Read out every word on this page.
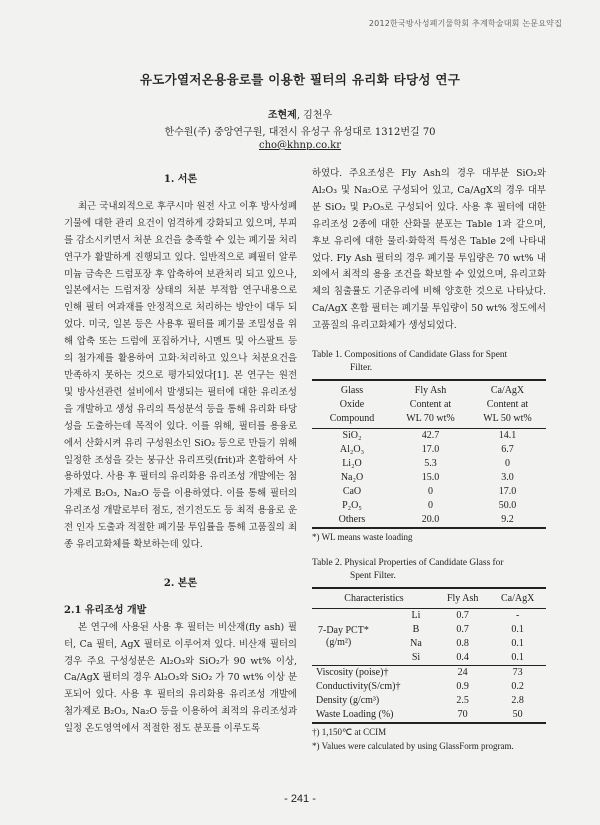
2012한국방사성폐기물학회 추계학술대회 논문요약집
유도가열저온용융로를 이용한 필터의 유리화 타당성 연구
조현제, 김천우
한수원(주) 중앙연구원, 대전시 유성구 유성대로 1312번길 70
cho@khnp.co.kr
1. 서론

최근 국내외적으로 후쿠시마 원전 사고 이후 방사성폐기물에 대한 관리 요건이 엄격하게 강화되고 있으며, 부피를 감소시키면서 처분 요건을 충족할 수 있는 폐기물 처리 연구가 활발하게 진행되고 있다. 일반적으로 폐필터 알루미늄 금속은 드럼포장 후 압축하여 보관처리 되고 있으나, 일본에서는 드럼저장 상태의 처분 부적합 연구내용으로 인해 필터 여과재를 안정적으로 처리하는 방안이 대두 되었다. 미국, 일본 등은 사용후 필터를 폐기물 조밀성을 위해 압축 또는 드럼에 포집하거나, 시멘트 및 아스팔트 등의 첨가제를 활용하여 고화·처리하고 있으나 처분요건을 만족하지 못하는 것으로 평가되었다[1]. 본 연구는 원전 및 방사선관련 설비에서 발생되는 필터에 대한 유리조성을 개발하고 생성 유리의 특성분석 등을 통해 유리화 타당성을 도출하는데 목적이 있다. 이를 위해, 필터를 용융로에서 산화시켜 유리 구성원소인 SiO₂ 등으로 만들기 위해 일정한 조성을 갖는 붕규산 유리프릿(frit)과 혼합하여 사용하였다. 사용 후 필터의 유리화용 유리조성 개발에는 첨가제로 B₂O₃, Na₂O 등을 이용하였다. 이를 통해 필터의 유리조성 개발로부터 점도, 전기전도도 등 최적 용융로 운전 인자 도출과 적절한 폐기물 투입률을 통해 고품질의 최종 유리고화체를 확보하는데 있다.

2. 본론
2.1 유리조성 개발

본 연구에 사용된 사용 후 필터는 비산재(fly ash) 필터, Ca 필터, AgX 필터로 이루어져 있다. 비산재 필터의 경우 주요 구성성분은 Al₂O₃와 SiO₂가 90 wt% 이상, Ca/AgX 필터의 경우 Al₂O₃와 SiO₂ 가 70 wt% 이상 분포되어 있다. 사용 후 필터의 유리화용 유리조성 개발에 첨가제로 B₂O₃, Na₂O 등을 이용하여 최적의 유리조성과 일정 온도영역에서 적절한 점도 분포를 이루도록

하였다. 주요조성은 Fly Ash의 경우 대부분 SiO₂와 Al₂O₃ 및 Na₂O로 구성되어 있고, Ca/AgX의 경우 대부분 SiO₂ 및 P₂O₅로 구성되어 있다. 사용 후 필터에 대한 유리조성 2종에 대한 산화물 분포는 Table 1과 같으며, 후보 유리에 대한 물리·화학적 특성은 Table 2에 나타내었다. Fly Ash 필터의 경우 폐기물 투입량은 70 wt% 내외에서 최적의 용융 조건을 확보할 수 있었으며, 유리고화체의 침출률도 기준유리에 비해 양호한 것으로 나타났다. Ca/AgX 혼합 필터는 폐기물 투입량이 50 wt% 정도에서 고품질의 유리고화체가 생성되었다.

Table 1. Compositions of Candidate Glass for Spent
Filter.
Glass	Fly Ash	Ca/AgX
Oxide	Content at	Content at
Compound	WL 70 wt%	WL 50 wt%
SiO₂	42.7	14.1
Al₂O₃	17.0	6.7
Li₂O	5.3	0
Na₂O	15.0	3.0
CaO	0	17.0
P₂O₅	0	50.0
Others	20.0	9.2
*) WL means waste loading
Table 2. Physical Properties of Candidate Glass for
Spent Filter.
Characteristics		Fly Ash	Ca/AgX

7-Day PCT*
(g/m²)	Li	0.7	-
	B	0.7	0.1
	Na	0.8	0.1
	Si	0.4	0.1
Viscosity (poise)†		24	73
Conductivity(S/cm)†		0.9	0.2
Density (g/cm³)		2.5	2.8
Waste Loading (%)		70	50
†) 1,150℃ at CCIM
*) Values were calculated by using GlassForm program.
- 241 -
